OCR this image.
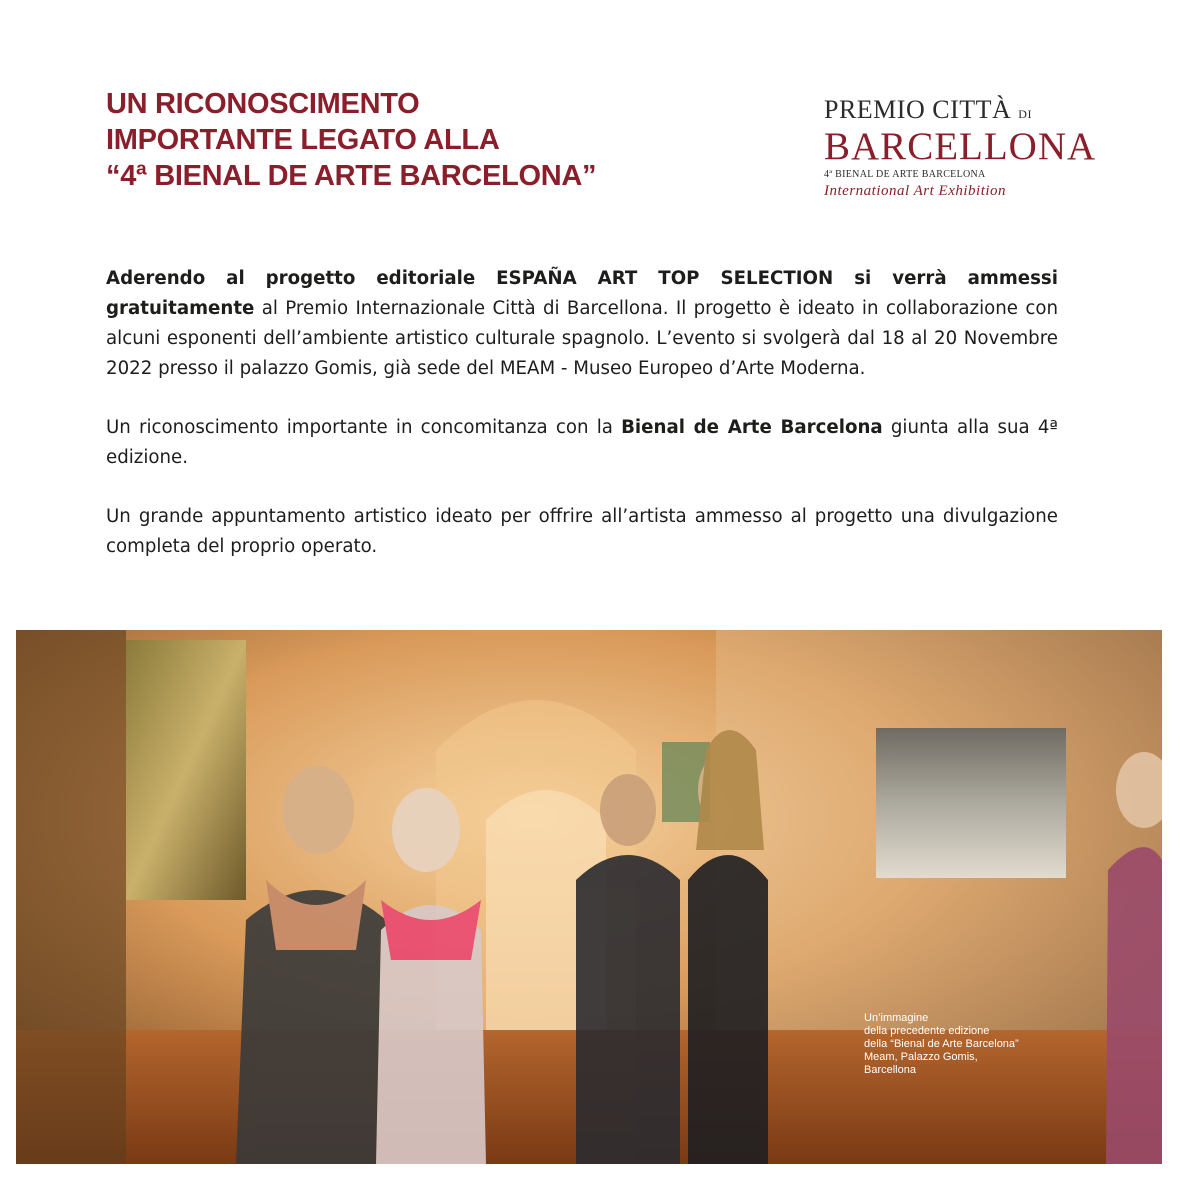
UN RICONOSCIMENTO
IMPORTANTE LEGATO ALLA
“4ª BIENAL DE ARTE BARCELONA”
PREMIO CITTÀ DI
BARCELLONA
4ª BIENAL DE ARTE BARCELONA
International Art Exhibition

Aderendo al progetto editoriale ESPAÑA ART TOP SELECTION si verrà ammessi gratuitamente al Premio Internazionale Città di Barcellona. Il progetto è ideato in collaborazione con alcuni esponenti dell’ambiente artistico culturale spagnolo. L’evento si svolgerà dal 18 al 20 Novembre 2022 presso il palazzo Gomis, già sede del MEAM - Museo Europeo d’Arte Moderna.

Un riconoscimento importante in concomitanza con la Bienal de Arte Barcelona giunta alla sua 4ª edizione.

Un grande appuntamento artistico ideato per offrire all’artista ammesso al progetto una divulgazione completa del proprio operato.

Un’immagine
della precedente edizione
della “Bienal de Arte Barcelona”
Meam, Palazzo Gomis,
Barcellona
